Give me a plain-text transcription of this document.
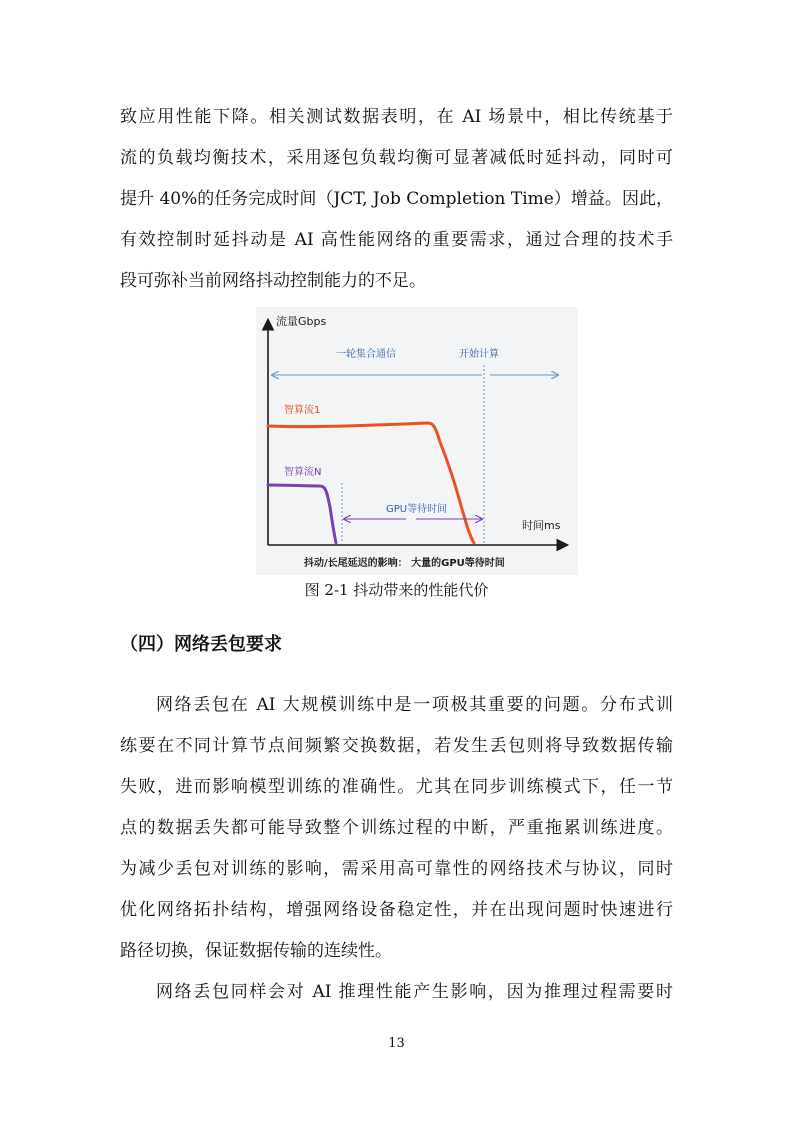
致应用性能下降。相关测试数据表明，在 AI 场景中，相比传统基于
流的负载均衡技术，采用逐包负载均衡可显著减低时延抖动，同时可
提升 40%的任务完成时间（JCT, Job Completion Time）增益。因此，
有效控制时延抖动是 AI 高性能网络的重要需求，通过合理的技术手
段可弥补当前网络抖动控制能力的不足。
流量Gbps
时间ms
一轮集合通信	开始计算
智算流1
智算流N
GPU等待时间
抖动/长尾延迟的影响： 大量的GPU等待时间
图 2-1 抖动带来的性能代价
（四）网络丢包要求
网络丢包在 AI 大规模训练中是一项极其重要的问题。分布式训
练要在不同计算节点间频繁交换数据，若发生丢包则将导致数据传输
失败，进而影响模型训练的准确性。尤其在同步训练模式下，任一节
点的数据丢失都可能导致整个训练过程的中断，严重拖累训练进度。
为减少丢包对训练的影响，需采用高可靠性的网络技术与协议，同时
优化网络拓扑结构，增强网络设备稳定性，并在出现问题时快速进行
路径切换，保证数据传输的连续性。
网络丢包同样会对 AI 推理性能产生影响，因为推理过程需要时
13
